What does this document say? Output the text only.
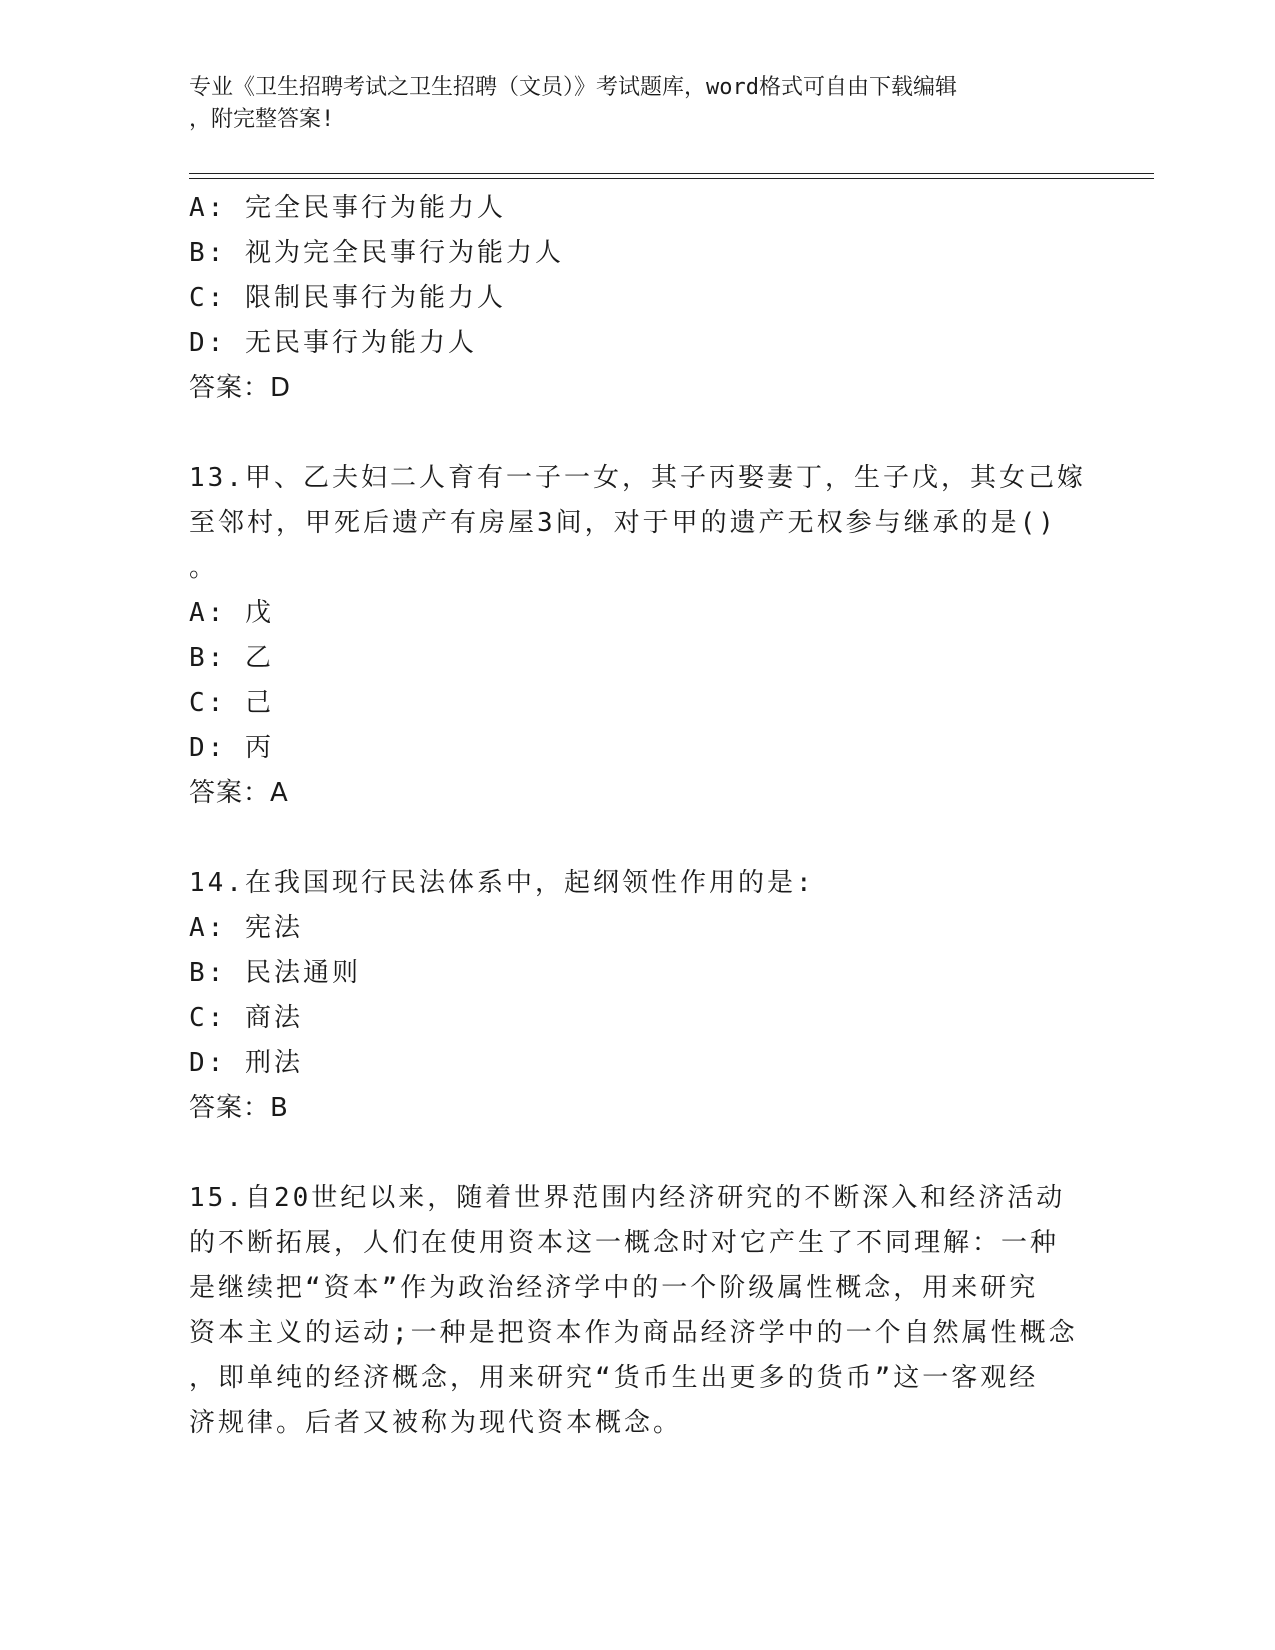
专业《卫生招聘考试之卫生招聘（文员）》考试题库，word格式可自由下载编辑
，附完整答案!
A: 完全民事行为能力人
B: 视为完全民事行为能力人
C: 限制民事行为能力人
D: 无民事行为能力人
答案：D
13.甲、乙夫妇二人育有一子一女，其子丙娶妻丁，生子戊，其女己嫁
至邻村，甲死后遗产有房屋3间，对于甲的遗产无权参与继承的是()
。
A: 戊
B: 乙
C: 己
D: 丙
答案：A
14.在我国现行民法体系中，起纲领性作用的是:
A: 宪法
B: 民法通则
C: 商法
D: 刑法
答案：B
15.自20世纪以来，随着世界范围内经济研究的不断深入和经济活动
的不断拓展，人们在使用资本这一概念时对它产生了不同理解：一种
是继续把“资本”作为政治经济学中的一个阶级属性概念，用来研究
资本主义的运动;一种是把资本作为商品经济学中的一个自然属性概念
，即单纯的经济概念，用来研究“货币生出更多的货币”这一客观经
济规律。后者又被称为现代资本概念。
